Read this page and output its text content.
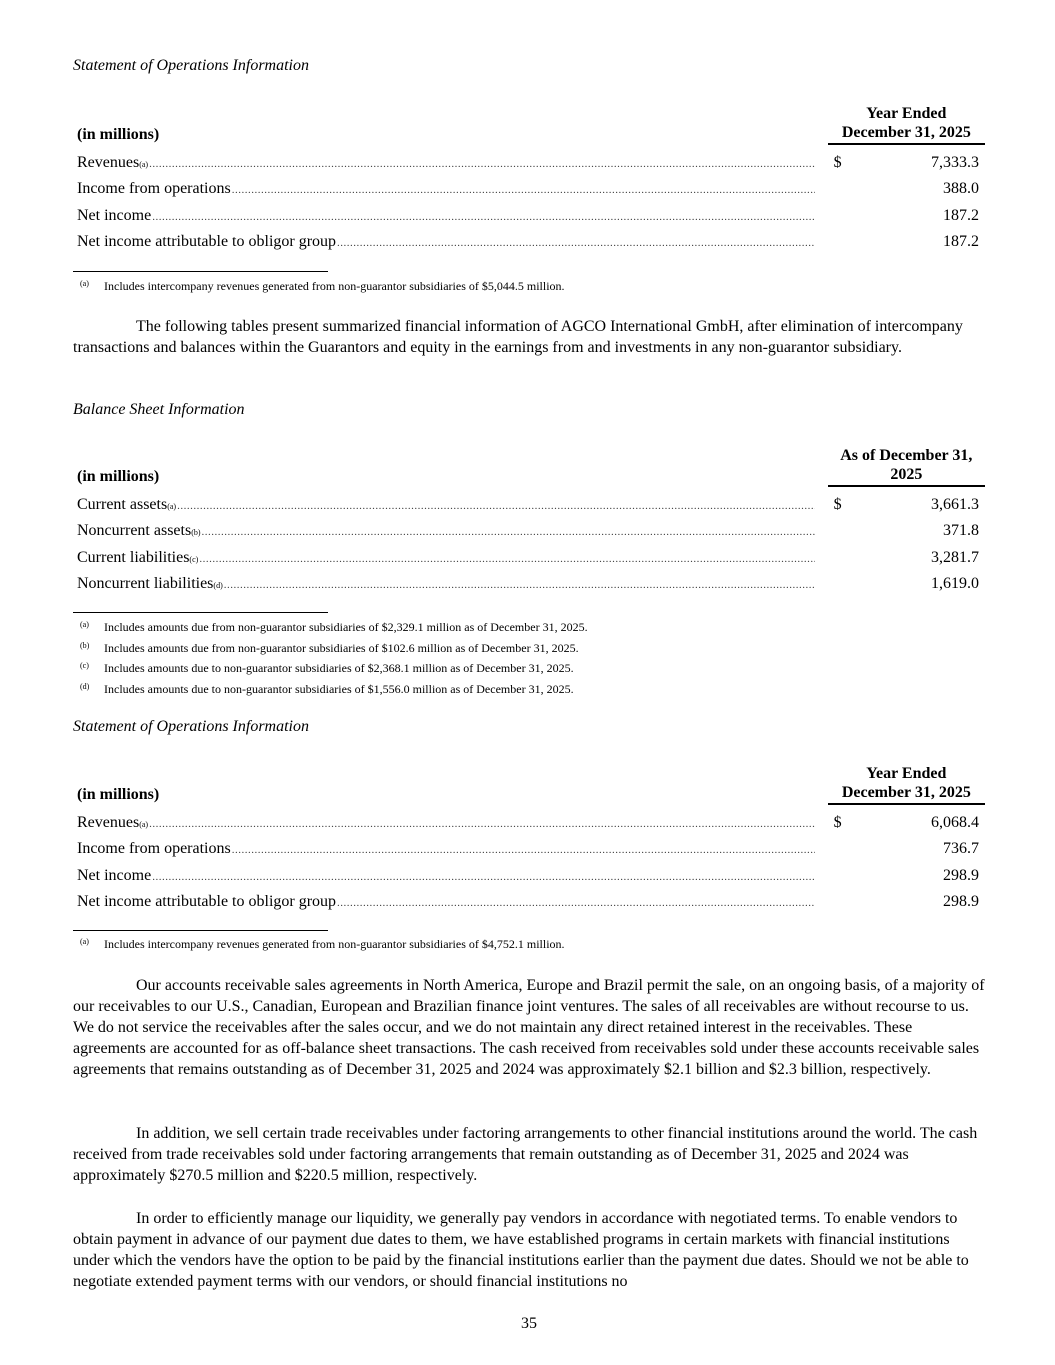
Statement of Operations Information
(in millions)	Year Ended
December 31, 2025	

Revenues (a)
.....	$	7,333.3

Income from operations
.....		388.0

Net income
.....		187.2

Net income attributable to obligor group
.....		187.2
(a)	Includes intercompany revenues generated from non-guarantor subsidiaries of $5,044.5 million.

The following tables present summarized financial information of AGCO International GmbH, after elimination of intercompany transactions and balances within the Guarantors and equity in the earnings from and investments in any non-guarantor subsidiary.

Balance Sheet Information
(in millions)	As of December 31,
2025	

Current assets (a)
.....	$	3,661.3

Noncurrent assets (b)
.....		371.8

Current liabilities (c)
.....		3,281.7

Noncurrent liabilities (d)
.....		1,619.0
(a)	Includes amounts due from non-guarantor subsidiaries of $2,329.1 million as of December 31, 2025.
(b)	Includes amounts due from non-guarantor subsidiaries of $102.6 million as of December 31, 2025.
(c)	Includes amounts due to non-guarantor subsidiaries of $2,368.1 million as of December 31, 2025.
(d)	Includes amounts due to non-guarantor subsidiaries of $1,556.0 million as of December 31, 2025.
Statement of Operations Information
(in millions)	Year Ended
December 31, 2025	

Revenues (a)
.....	$	6,068.4

Income from operations
.....		736.7

Net income
.....		298.9

Net income attributable to obligor group
.....		298.9
(a)	Includes intercompany revenues generated from non-guarantor subsidiaries of $4,752.1 million.

Our accounts receivable sales agreements in North America, Europe and Brazil permit the sale, on an ongoing basis, of a majority of our receivables to our U.S., Canadian, European and Brazilian finance joint ventures. The sales of all receivables are without recourse to us. We do not service the receivables after the sales occur, and we do not maintain any direct retained interest in the receivables. These agreements are accounted for as off-balance sheet transactions. The cash received from receivables sold under these accounts receivable sales agreements that remains outstanding as of December 31, 2025 and 2024 was approximately $2.1 billion and $2.3 billion, respectively.

In addition, we sell certain trade receivables under factoring arrangements to other financial institutions around the world. The cash received from trade receivables sold under factoring arrangements that remain outstanding as of December 31, 2025 and 2024 was approximately $270.5 million and $220.5 million, respectively.

In order to efficiently manage our liquidity, we generally pay vendors in accordance with negotiated terms. To enable vendors to obtain payment in advance of our payment due dates to them, we have established programs in certain markets with financial institutions under which the vendors have the option to be paid by the financial institutions earlier than the payment due dates. Should we not be able to negotiate extended payment terms with our vendors, or should financial institutions no

35
